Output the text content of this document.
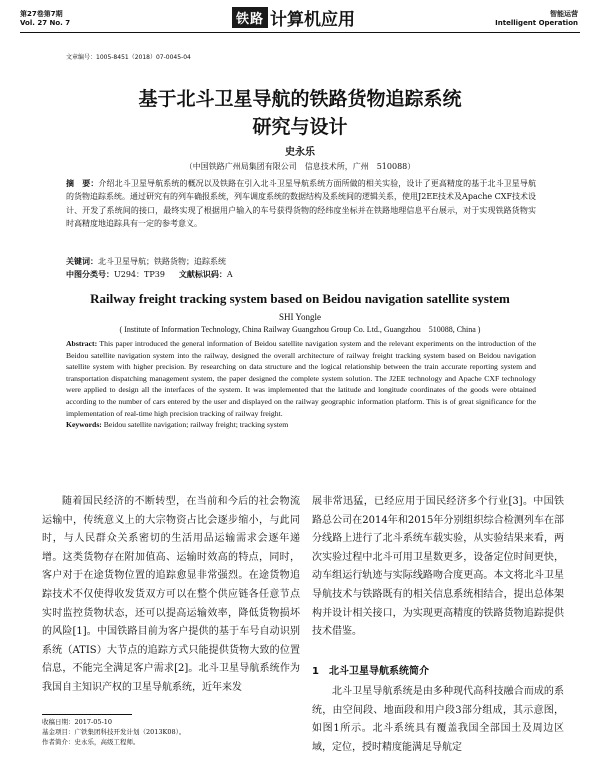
第27卷第7期
Vol. 27 No. 7	铁路 计算机应用	智能运营
Intelligent Operation
文章编号：1005-8451（2018）07-0045-04
基于北斗卫星导航的铁路货物追踪系统
研究与设计
史永乐
（中国铁路广州局集团有限公司　信息技术所，广州　510088）
摘　要：介绍北斗卫星导航系统的概况以及铁路在引入北斗卫星导航系统方面所做的相关实验，设计了更高精度的基于北斗卫星导航的货物追踪系统。通过研究有的列车确报系统，列车调度系统的数据结构及系统间的逻辑关系，使用J2EE技术及Apache CXF技术设计、开发了系统间的接口，最终实现了根据用户输入的车号获得货物的经纬度坐标并在铁路地理信息平台展示，对于实现铁路货物实时高精度地追踪具有一定的参考意义。
关键词：北斗卫星导航；铁路货物；追踪系统
中图分类号：U294：TP39 文献标识码：A
Railway freight tracking system based on Beidou navigation satellite system
SHI Yongle
( Institute of Information Technology, China Railway Guangzhou Group Co. Ltd., Guangzhou　510088, China )
Abstract: This paper introduced the general information of Beidou satellite navigation system and the relevant experiments on the introduction of the Beidou satellite navigation system into the railway, designed the overall architecture of railway freight tracking system based on Beidou navigation satellite system with higher precision. By researching on data structure and the logical relationship between the train accurate reporting system and transportation dispatching management system, the paper designed the complete system solution. The J2EE technology and Apache CXF technology were applied to design all the interfaces of the system. It was implemented that the latitude and longitude coordinates of the goods were obtained according to the number of cars entered by the user and displayed on the railway geographic information platform. This is of great significance for the implementation of real-time high precision tracking of railway freight.
Keywords: Beidou satellite navigation; railway freight; tracking system
随着国民经济的不断转型，在当前和今后的社会物流运输中，传统意义上的大宗物资占比会逐步缩小，与此同时，与人民群众关系密切的生活用品运输需求会逐年递增。这类货物存在附加值高、运输时效高的特点，同时，客户对于在途货物位置的追踪愈显非常强烈。在途货物追踪技术不仅使得收发货双方可以在整个供应链各任意节点实时监控货物状态，还可以提高运输效率，降低货物损坏的风险[1]。中国铁路目前为客户提供的基于车号自动识别系统（ATIS）大节点的追踪方式只能提供货物大致的位置信息，不能完全满足客户需求[2]。北斗卫星导航系统作为我国自主知识产权的卫星导航系统，近年来发
展非常迅猛，已经应用于国民经济多个行业[3]。中国铁路总公司在2014年和2015年分别组织综合检测列车在部分线路上进行了北斗系统车载实验，从实验结果来看，两次实验过程中北斗可用卫星数更多，设备定位时间更快，动车组运行轨迹与实际线路吻合度更高。本文将北斗卫星导航技术与铁路既有的相关信息系统相结合，提出总体架构并设计相关接口，为实现更高精度的铁路货物追踪提供技术借鉴。
1　北斗卫星导航系统简介
北斗卫星导航系统是由多种现代高科技融合而成的系统，由空间段、地面段和用户段3部分组成，其示意图，如图1所示。北斗系统具有覆盖我国全部国土及周边区域，定位，授时精度能满足导航定
收稿日期：2017-05-10
基金项目：广铁集团科技开发计划（2013K08）。
作者简介：史永乐，高级工程师。
